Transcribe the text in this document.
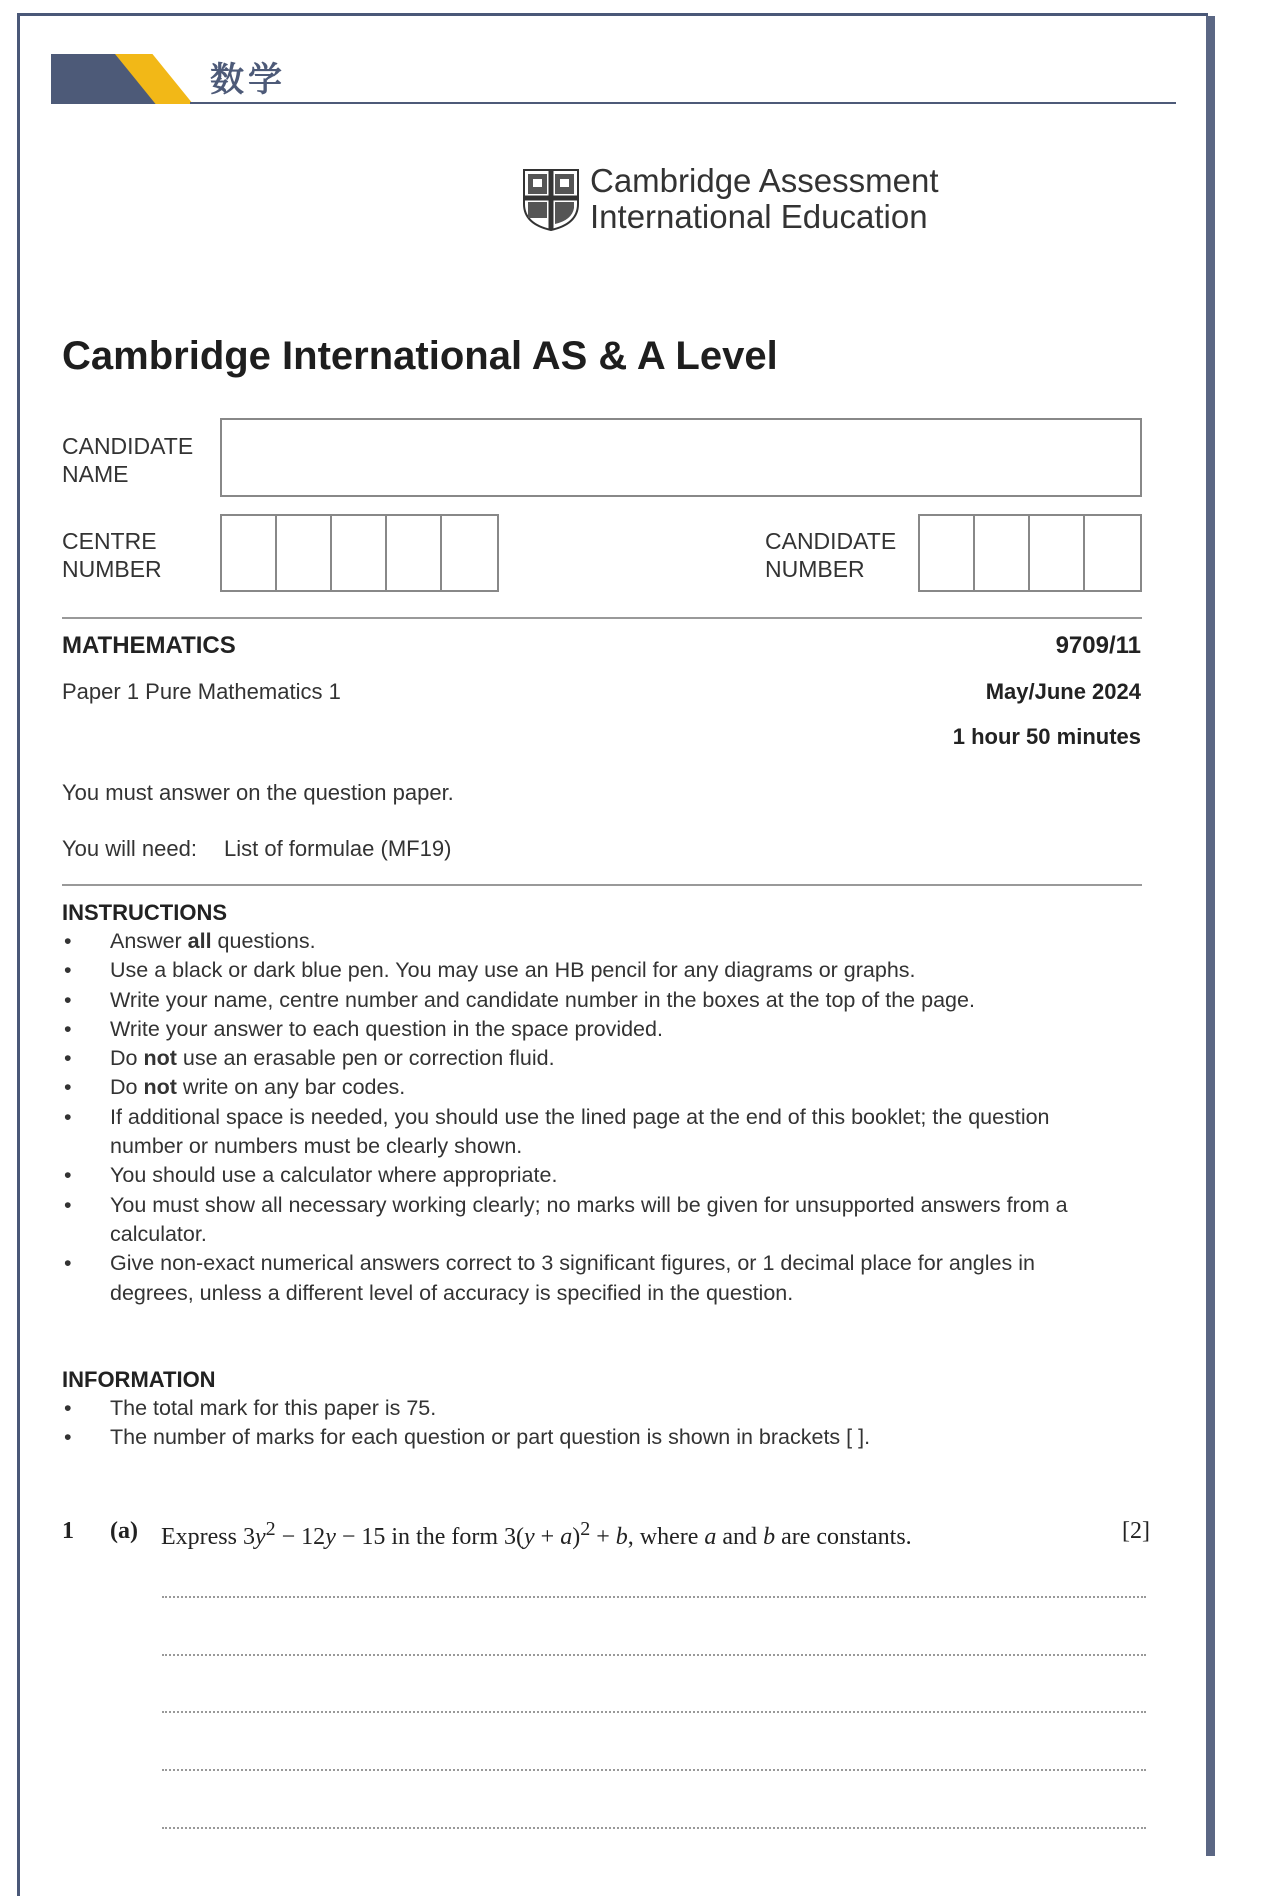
数学
Cambridge Assessment
International Education
Cambridge International AS & A Level
CANDIDATE
NAME
CENTRE
NUMBER
CANDIDATE
NUMBER
MATHEMATICS	9709/11
Paper 1 Pure Mathematics 1	May/June 2024
1 hour 50 minutes
You must answer on the question paper.
You will need: List of formulae (MF19)
INSTRUCTIONS
• Answer all questions.
• Use a black or dark blue pen. You may use an HB pencil for any diagrams or graphs.
• Write your name, centre number and candidate number in the boxes at the top of the page.
• Write your answer to each question in the space provided.
• Do not use an erasable pen or correction fluid.
• Do not write on any bar codes.
• If additional space is needed, you should use the lined page at the end of this booklet; the question number or numbers must be clearly shown.
• You should use a calculator where appropriate.
• You must show all necessary working clearly; no marks will be given for unsupported answers from a calculator.
• Give non-exact numerical answers correct to 3 significant figures, or 1 decimal place for angles in degrees, unless a different level of accuracy is specified in the question.
INFORMATION
• The total mark for this paper is 75.
• The number of marks for each question or part question is shown in brackets [ ].
1 (a) Express $3y^2 - 12y - 15$ in the form $3(y + a)^2 + b$, where a and b are constants.	[2]
